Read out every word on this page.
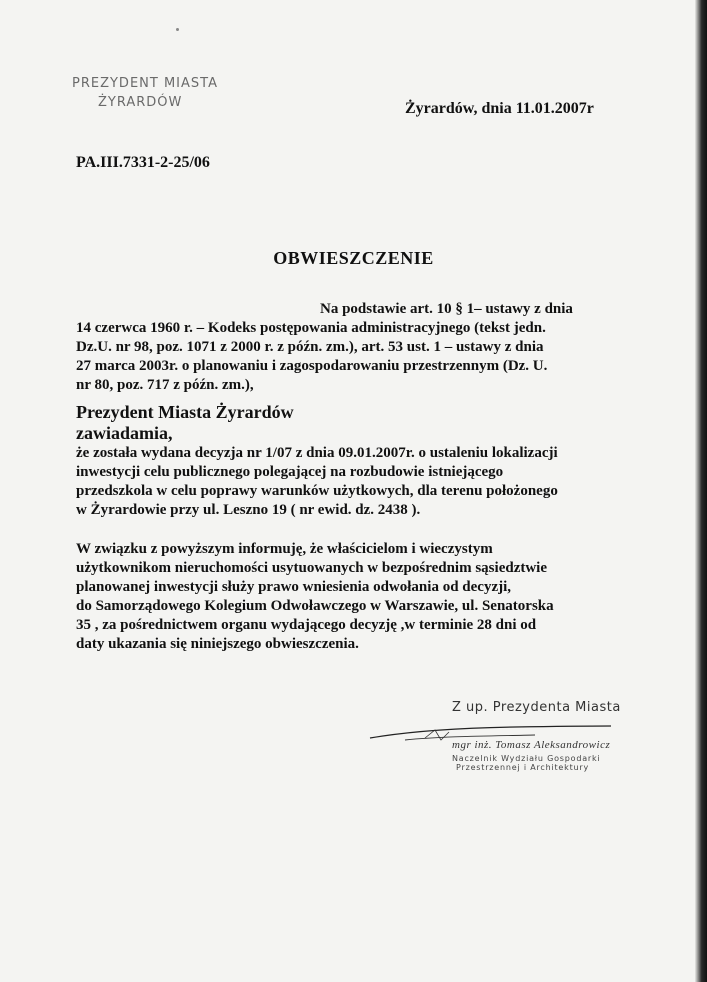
PREZYDENT MIASTA
ŻYRARDÓW	Żyrardów, dnia 11.01.2007r
PA.III.7331-2-25/06
OBWIESZCZENIE
Na podstawie art. 10 § 1– ustawy z dnia
14 czerwca 1960 r. – Kodeks postępowania administracyjnego (tekst jedn.
Dz.U. nr 98, poz. 1071 z 2000 r. z późn. zm.), art. 53 ust. 1 – ustawy z dnia
27 marca 2003r. o planowaniu i zagospodarowaniu przestrzennym (Dz. U.
nr 80, poz. 717 z późn. zm.),
Prezydent Miasta Żyrardów
zawiadamia,
że została wydana decyzja nr 1/07 z dnia 09.01.2007r. o ustaleniu lokalizacji
inwestycji celu publicznego polegającej na rozbudowie istniejącego
przedszkola w celu poprawy warunków użytkowych, dla terenu położonego
w Żyrardowie przy ul. Leszno 19 ( nr ewid. dz. 2438 ).
W związku z powyższym informuję, że właścicielom i wieczystym
użytkownikom nieruchomości usytuowanych w bezpośrednim sąsiedztwie
planowanej inwestycji służy prawo wniesienia odwołania od decyzji,
do Samorządowego Kolegium Odwoławczego w Warszawie, ul. Senatorska
35 , za pośrednictwem organu wydającego decyzję ,w terminie 28 dni od
daty ukazania się niniejszego obwieszczenia.
Z up. Prezydenta Miasta
mgr inż. Tomasz Aleksandrowicz
Naczelnik Wydziału Gospodarki
Przestrzennej i Architektury
